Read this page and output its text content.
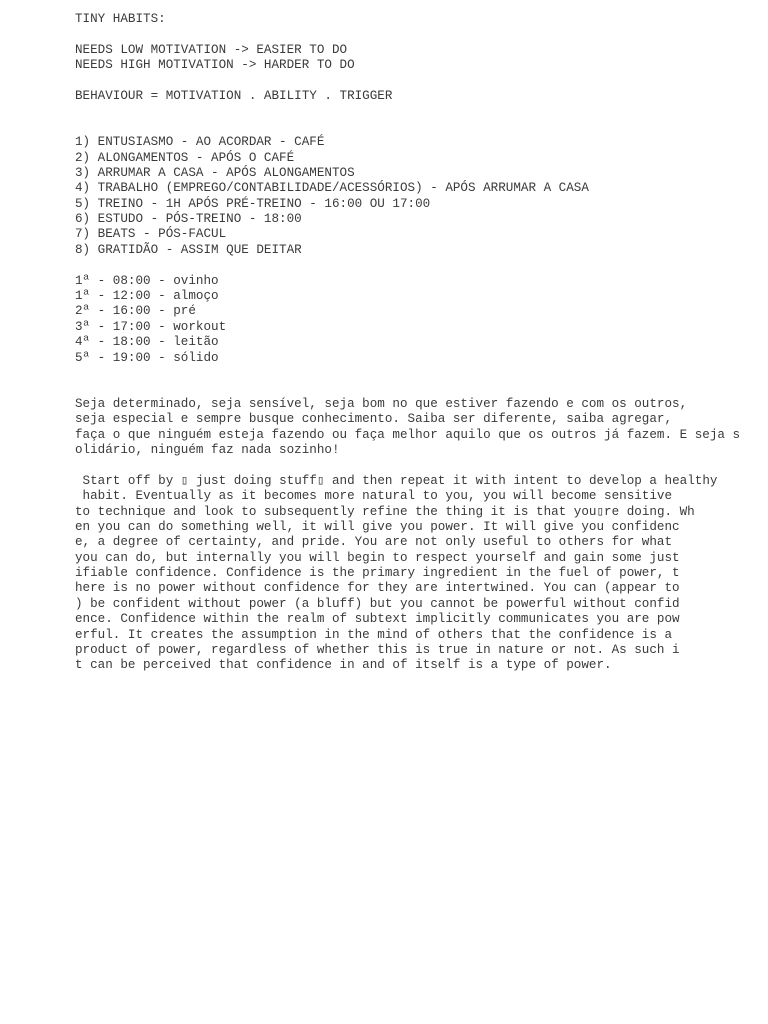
TINY HABITS:
NEEDS LOW MOTIVATION -> EASIER TO DO
NEEDS HIGH MOTIVATION -> HARDER TO DO
BEHAVIOUR = MOTIVATION . ABILITY . TRIGGER
1) ENTUSIASMO - AO ACORDAR - CAFÉ
2) ALONGAMENTOS - APÓS O CAFÉ
3) ARRUMAR A CASA - APÓS ALONGAMENTOS
4) TRABALHO (EMPREGO/CONTABILIDADE/ACESSÓRIOS) - APÓS ARRUMAR A CASA
5) TREINO - 1H APÓS PRÉ-TREINO - 16:00 OU 17:00
6) ESTUDO - PÓS-TREINO - 18:00
7) BEATS - PÓS-FACUL
8) GRATIDÃO - ASSIM QUE DEITAR
1ª - 08:00 - ovinho
1ª - 12:00 - almoço
2ª - 16:00 - pré
3ª - 17:00 - workout
4ª - 18:00 - leitão
5ª - 19:00 - sólido
Seja determinado, seja sensível, seja bom no que estiver fazendo e com os outros,
seja especial e sempre busque conhecimento. Saiba ser diferente, saiba agregar,
faça o que ninguém esteja fazendo ou faça melhor aquilo que os outros já fazem. E seja s
olidário, ninguém faz nada sozinho!
Start off by ▯ just doing stuff▯ and then repeat it with intent to develop a healthy
habit. Eventually as it becomes more natural to you, you will become sensitive
to technique and look to subsequently refine the thing it is that you▯re doing. Wh
en you can do something well, it will give you power. It will give you confidenc
e, a degree of certainty, and pride. You are not only useful to others for what
you can do, but internally you will begin to respect yourself and gain some just
ifiable confidence. Confidence is the primary ingredient in the fuel of power, t
here is no power without confidence for they are intertwined. You can (appear to
) be confident without power (a bluff) but you cannot be powerful without confid
ence. Confidence within the realm of subtext implicitly communicates you are pow
erful. It creates the assumption in the mind of others that the confidence is a
product of power, regardless of whether this is true in nature or not. As such i
t can be perceived that confidence in and of itself is a type of power.
